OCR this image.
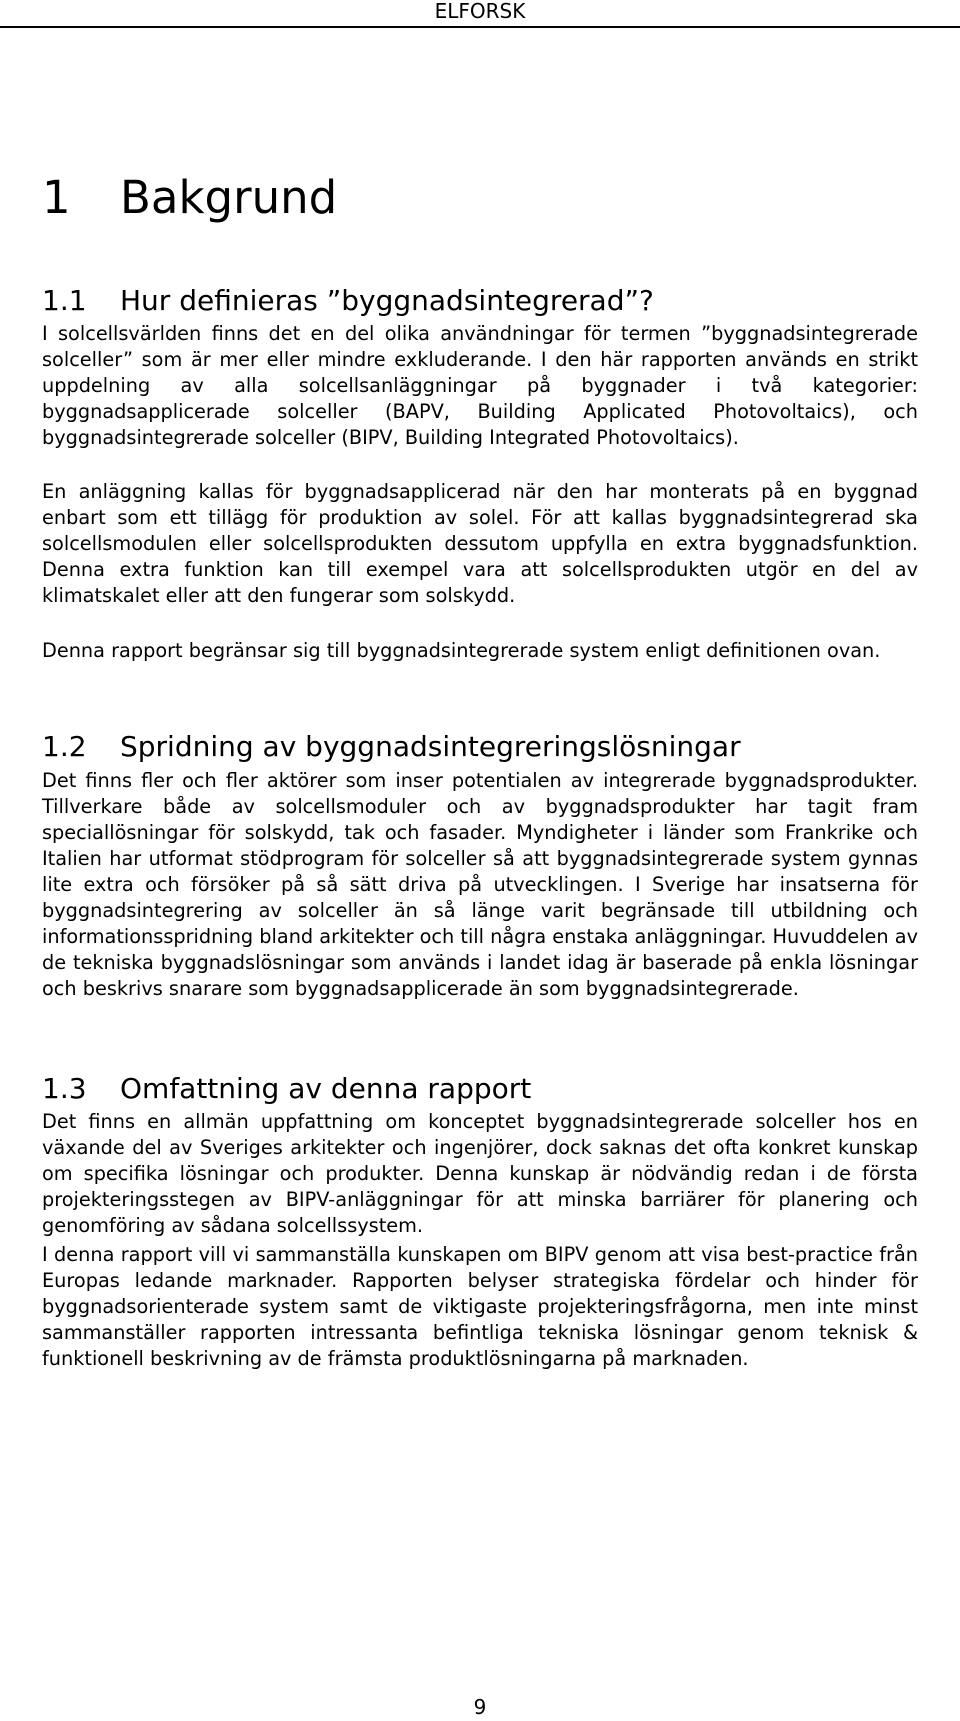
ELFORSK
1 Bakgrund
1.1 Hur definieras ”byggnadsintegrerad”?

I solcellsvärlden finns det en del olika användningar för termen ”byggnadsintegrerade solceller” som är mer eller mindre exkluderande. I den här rapporten används en strikt uppdelning av alla solcellsanläggningar på byggnader i två kategorier: byggnadsapplicerade solceller (BAPV, Building Applicated Photovoltaics), och byggnadsintegrerade solceller (BIPV, Building Integrated Photovoltaics).

En anläggning kallas för byggnadsapplicerad när den har monterats på en byggnad enbart som ett tillägg för produktion av solel. För att kallas byggnadsintegrerad ska solcellsmodulen eller solcellsprodukten dessutom uppfylla en extra byggnadsfunktion. Denna extra funktion kan till exempel vara att solcellsprodukten utgör en del av klimatskalet eller att den fungerar som solskydd.

Denna rapport begränsar sig till byggnadsintegrerade system enligt definitionen ovan.

1.2 Spridning av byggnadsintegreringslösningar

Det finns fler och fler aktörer som inser potentialen av integrerade byggnadsprodukter. Tillverkare både av solcellsmoduler och av byggnadsprodukter har tagit fram speciallösningar för solskydd, tak och fasader. Myndigheter i länder som Frankrike och Italien har utformat stödprogram för solceller så att byggnadsintegrerade system gynnas lite extra och försöker på så sätt driva på utvecklingen. I Sverige har insatserna för byggnadsintegrering av solceller än så länge varit begränsade till utbildning och informationsspridning bland arkitekter och till några enstaka anläggningar. Huvuddelen av de tekniska byggnadslösningar som används i landet idag är baserade på enkla lösningar och beskrivs snarare som byggnadsapplicerade än som byggnadsintegrerade.

1.3 Omfattning av denna rapport

Det finns en allmän uppfattning om konceptet byggnadsintegrerade solceller hos en växande del av Sveriges arkitekter och ingenjörer, dock saknas det ofta konkret kunskap om specifika lösningar och produkter. Denna kunskap är nödvändig redan i de första projekteringsstegen av BIPV-anläggningar för att minska barriärer för planering och genomföring av sådana solcellssystem.

I denna rapport vill vi sammanställa kunskapen om BIPV genom att visa best-practice från Europas ledande marknader. Rapporten belyser strategiska fördelar och hinder för byggnadsorienterade system samt de viktigaste projekteringsfrågorna, men inte minst sammanställer rapporten intressanta befintliga tekniska lösningar genom teknisk & funktionell beskrivning av de främsta produktlösningarna på marknaden.

9
